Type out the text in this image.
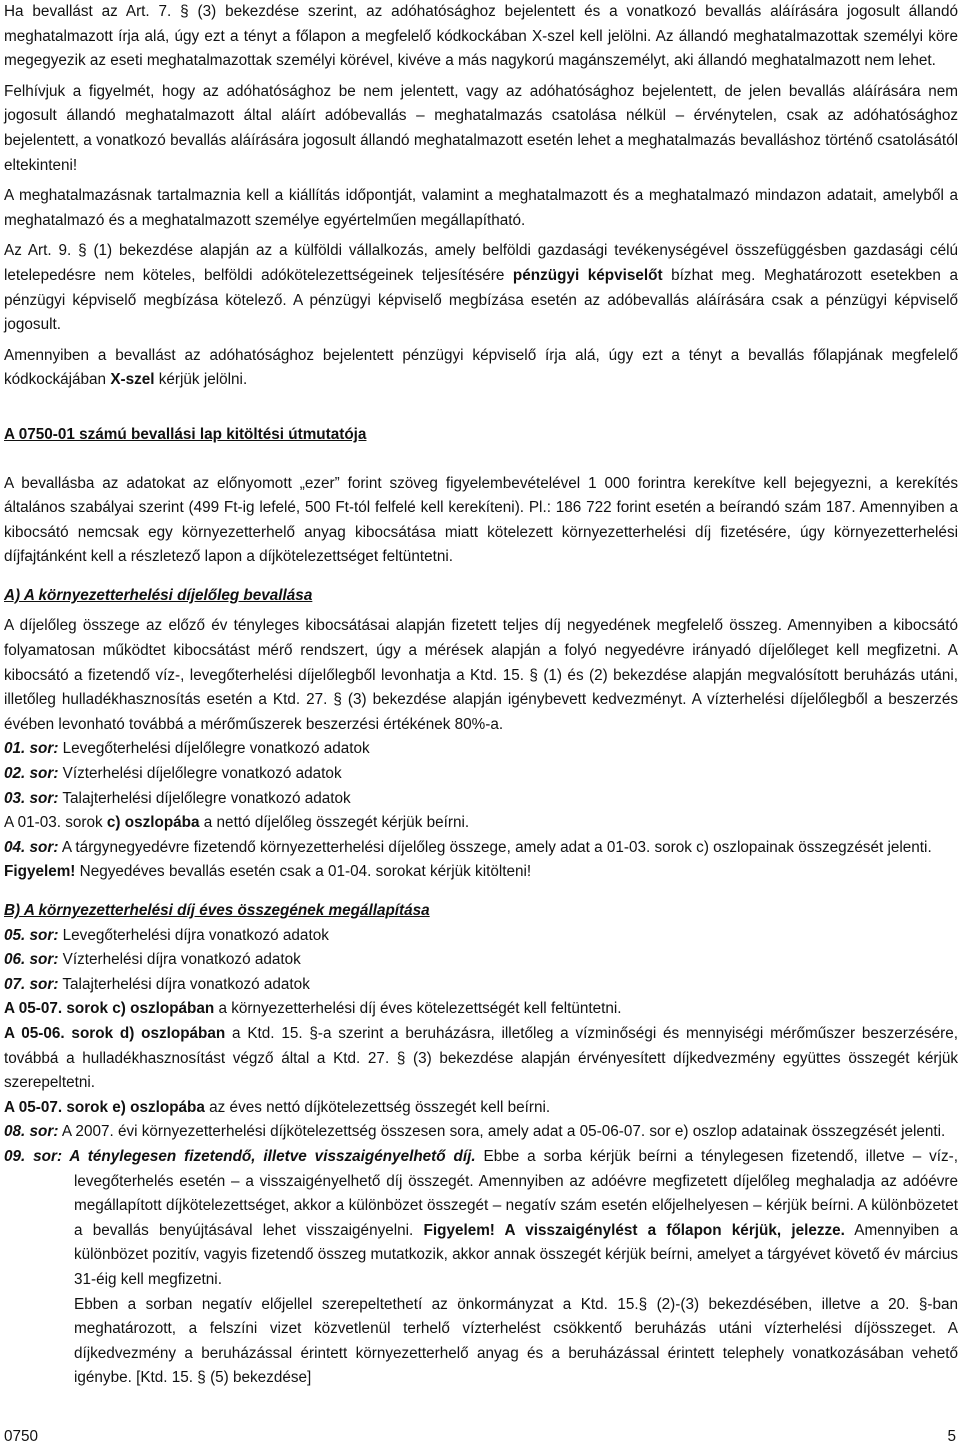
Ha bevallást az Art. 7. § (3) bekezdése szerint, az adóhatósághoz bejelentett és a vonatkozó bevallás aláírására jogosult állandó meghatalmazott írja alá, úgy ezt a tényt a főlapon a megfelelő kódkockában X-szel kell jelölni. Az állandó meghatalmazottak személyi köre megegyezik az eseti meghatalmazottak személyi körével, kivéve a más nagykorú magánszemélyt, aki állandó meghatalmazott nem lehet.

Felhívjuk a figyelmét, hogy az adóhatósághoz be nem jelentett, vagy az adóhatósághoz bejelentett, de jelen bevallás aláírására nem jogosult állandó meghatalmazott által aláírt adóbevallás – meghatalmazás csatolása nélkül – érvénytelen, csak az adóhatósághoz bejelentett, a vonatkozó bevallás aláírására jogosult állandó meghatalmazott esetén lehet a meghatalmazás bevalláshoz történő csatolásától eltekinteni!

A meghatalmazásnak tartalmaznia kell a kiállítás időpontját, valamint a meghatalmazott és a meghatalmazó mindazon adatait, amelyből a meghatalmazó és a meghatalmazott személye egyértelműen megállapítható.

Az Art. 9. § (1) bekezdése alapján az a külföldi vállalkozás, amely belföldi gazdasági tevékenységével összefüggésben gazdasági célú letelepedésre nem köteles, belföldi adókötelezettségeinek teljesítésére pénzügyi képviselőt bízhat meg. Meghatározott esetekben a pénzügyi képviselő megbízása kötelező. A pénzügyi képviselő megbízása esetén az adóbevallás aláírására csak a pénzügyi képviselő jogosult.

Amennyiben a bevallást az adóhatósághoz bejelentett pénzügyi képviselő írja alá, úgy ezt a tényt a bevallás főlapjának megfelelő kódkockájában X-szel kérjük jelölni.

A 0750-01 számú bevallási lap kitöltési útmutatója

A bevallásba az adatokat az előnyomott „ezer” forint szöveg figyelembevételével 1 000 forintra kerekítve kell bejegyezni, a kerekítés általános szabályai szerint (499 Ft-ig lefelé, 500 Ft-tól felfelé kell kerekíteni). Pl.: 186 722 forint esetén a beírandó szám 187. Amennyiben a kibocsátó nemcsak egy környezetterhelő anyag kibocsátása miatt kötelezett környezetterhelési díj fizetésére, úgy környezetterhelési díjfajtánként kell a részletező lapon a díjkötelezettséget feltüntetni.

A) A környezetterhelési díjelőleg bevallása

A díjelőleg összege az előző év tényleges kibocsátásai alapján fizetett teljes díj negyedének megfelelő összeg. Amennyiben a kibocsátó folyamatosan működtet kibocsátást mérő rendszert, úgy a mérések alapján a folyó negyedévre irányadó díjelőleget kell megfizetni. A kibocsátó a fizetendő víz-, levegőterhelési díjelőlegből levonhatja a Ktd. 15. § (1) és (2) bekezdése alapján megvalósított beruházás utáni, illetőleg hulladékhasznosítás esetén a Ktd. 27. § (3) bekezdése alapján igénybevett kedvezményt. A vízterhelési díjelőlegből a beszerzés évében levonható továbbá a mérőműszerek beszerzési értékének 80%-a.

01. sor: Levegőterhelési díjelőlegre vonatkozó adatok

02. sor: Vízterhelési díjelőlegre vonatkozó adatok

03. sor: Talajterhelési díjelőlegre vonatkozó adatok

A 01-03. sorok c) oszlopába a nettó díjelőleg összegét kérjük beírni.

04. sor: A tárgynegyedévre fizetendő környezetterhelési díjelőleg összege, amely adat a 01-03. sorok c) oszlopainak összegzését jelenti.

Figyelem! Negyedéves bevallás esetén csak a 01-04. sorokat kérjük kitölteni!

B) A környezetterhelési díj éves összegének megállapítása

05. sor: Levegőterhelési díjra vonatkozó adatok

06. sor: Vízterhelési díjra vonatkozó adatok

07. sor: Talajterhelési díjra vonatkozó adatok

A 05-07. sorok c) oszlopában a környezetterhelési díj éves kötelezettségét kell feltüntetni.

A 05-06. sorok d) oszlopában a Ktd. 15. §-a szerint a beruházásra, illetőleg a vízminőségi és mennyiségi mérőműszer beszerzésére, továbbá a hulladékhasznosítást végző által a Ktd. 27. § (3) bekezdése alapján érvényesített díjkedvezmény együttes összegét kérjük szerepeltetni.

A 05-07. sorok e) oszlopába az éves nettó díjkötelezettség összegét kell beírni.

08. sor: A 2007. évi környezetterhelési díjkötelezettség összesen sora, amely adat a 05-06-07. sor e) oszlop adatainak összegzését jelenti.

09. sor: A ténylegesen fizetendő, illetve visszaigényelhető díj. Ebbe a sorba kérjük beírni a ténylegesen fizetendő, illetve – víz-, levegőterhelés esetén – a visszaigényelhető díj összegét. Amennyiben az adóévre megfizetett díjelőleg meghaladja az adóévre megállapított díjkötelezettséget, akkor a különbözet összegét – negatív szám esetén előjelhelyesen – kérjük beírni. A különbözetet a bevallás benyújtásával lehet visszaigényelni. Figyelem! A visszaigénylést a főlapon kérjük, jelezze. Amennyiben a különbözet pozitív, vagyis fizetendő összeg mutatkozik, akkor annak összegét kérjük beírni, amelyet a tárgyévet követő év március 31-éig kell megfizetni.

Ebben a sorban negatív előjellel szerepeltethetí az önkormányzat a Ktd. 15.§ (2)-(3) bekezdésében, illetve a 20. §-ban meghatározott, a felszíni vizet közvetlenül terhelő vízterhelést csökkentő beruházás utáni vízterhelési díjösszeget. A díjkedvezmény a beruházással érintett környezetterhelő anyag és a beruházással érintett telephely vonatkozásában vehető igénybe. [Ktd. 15. § (5) bekezdése]

0750	5
